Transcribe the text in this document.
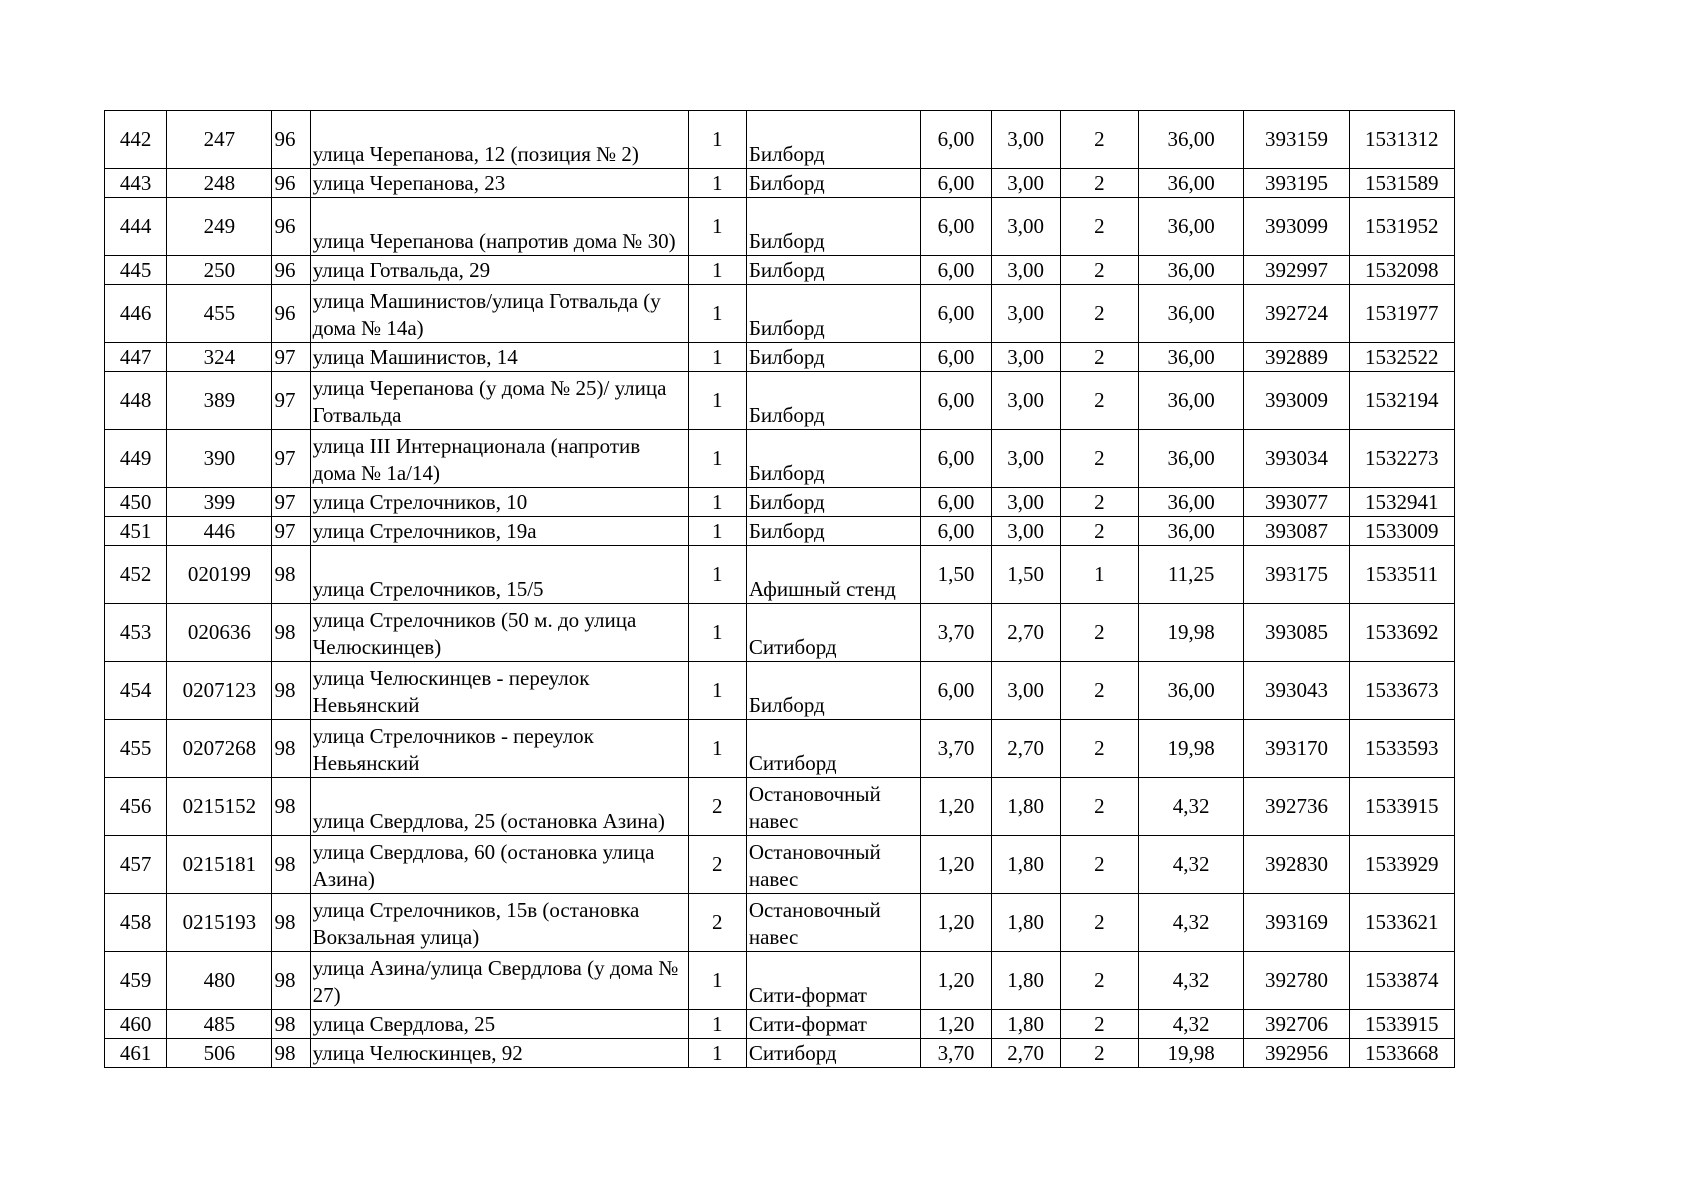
442	247	96	улица Черепанова, 12 (позиция № 2)	1	Билборд	6,00	3,00	2	36,00	393159	1531312
443	248	96	улица Черепанова, 23	1	Билборд	6,00	3,00	2	36,00	393195	1531589
444	249	96	улица Черепанова (напротив дома № 30)	1	Билборд	6,00	3,00	2	36,00	393099	1531952
445	250	96	улица Готвальда, 29	1	Билборд	6,00	3,00	2	36,00	392997	1532098
446	455	96	улица Машинистов/улица Готвальда (у дома № 14а)	1	Билборд	6,00	3,00	2	36,00	392724	1531977
447	324	97	улица Машинистов, 14	1	Билборд	6,00	3,00	2	36,00	392889	1532522
448	389	97	улица Черепанова (у дома № 25)/ улица Готвальда	1	Билборд	6,00	3,00	2	36,00	393009	1532194
449	390	97	улица III Интернационала (напротив дома № 1а/14)	1	Билборд	6,00	3,00	2	36,00	393034	1532273
450	399	97	улица Стрелочников, 10	1	Билборд	6,00	3,00	2	36,00	393077	1532941
451	446	97	улица Стрелочников, 19а	1	Билборд	6,00	3,00	2	36,00	393087	1533009
452	020199	98	улица Стрелочников, 15/5	1	Афишный стенд	1,50	1,50	1	11,25	393175	1533511
453	020636	98	улица Стрелочников (50 м. до улица Челюскинцев)	1	Ситиборд	3,70	2,70	2	19,98	393085	1533692
454	0207123	98	улица Челюскинцев - переулок Невьянский	1	Билборд	6,00	3,00	2	36,00	393043	1533673
455	0207268	98	улица Стрелочников - переулок Невьянский	1	Ситиборд	3,70	2,70	2	19,98	393170	1533593
456	0215152	98	улица Свердлова, 25 (остановка Азина)	2	Остановочный навес	1,20	1,80	2	4,32	392736	1533915
457	0215181	98	улица Свердлова, 60 (остановка улица Азина)	2	Остановочный навес	1,20	1,80	2	4,32	392830	1533929
458	0215193	98	улица Стрелочников, 15в (остановка Вокзальная улица)	2	Остановочный навес	1,20	1,80	2	4,32	393169	1533621
459	480	98	улица Азина/улица Свердлова (у дома № 27)	1	Сити-формат	1,20	1,80	2	4,32	392780	1533874
460	485	98	улица Свердлова, 25	1	Сити-формат	1,20	1,80	2	4,32	392706	1533915
461	506	98	улица Челюскинцев, 92	1	Ситиборд	3,70	2,70	2	19,98	392956	1533668
